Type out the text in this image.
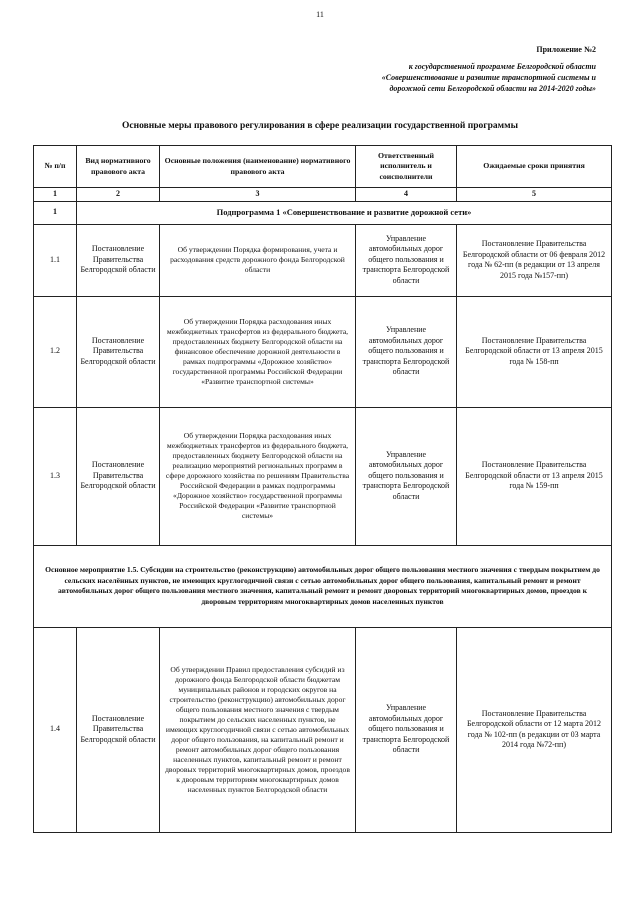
11
Приложение №2
к государственной программе Белгородской области
«Совершенствование и развитие транспортной системы и
дорожной сети Белгородской области на 2014-2020 годы»
Основные меры правового регулирования в сфере реализации государственной программы
№ п/п	Вид нормативного правового акта	Основные положения (наименование) нормативного правового акта	Ответственный исполнитель и соисполнители	Ожидаемые сроки принятия
1	2	3	4	5
1	Подпрограмма 1 «Совершенствование и развитие дорожной сети»			
1.1	Постановление Правительства Белгородской области	Об утверждении Порядка формирования, учета и расходования средств дорожного фонда Белгородской области	Управление автомобильных дорог общего пользования и транспорта Белгородской области	Постановление Правительства Белгородской области от 06 февраля 2012 года № 62-пп (в редакции от 13 апреля 2015 года №157-пп)
1.2	Постановление Правительства Белгородской области	Об утверждении Порядка расходования иных межбюджетных трансфертов из федерального бюджета, предоставленных бюджету Белгородской области на финансовое обеспечение дорожной деятельности в рамках подпрограммы «Дорожное хозяйство» государственной программы Российской Федерации «Развитие транспортной системы»	Управление автомобильных дорог общего пользования и транспорта Белгородской области	Постановление Правительства Белгородской области от 13 апреля 2015 года № 158-пп
1.3	Постановление Правительства Белгородской области	Об утверждении Порядка расходования иных межбюджетных трансфертов из федерального бюджета, предоставленных бюджету Белгородской области на реализацию мероприятий региональных программ в сфере дорожного хозяйства по решениям Правительства Российской Федерации в рамках подпрограммы «Дорожное хозяйство» государственной программы Российской Федерации «Развитие транспортной системы»	Управление автомобильных дорог общего пользования и транспорта Белгородской области	Постановление Правительства Белгородской области от 13 апреля 2015 года № 159-пп
Основное мероприятие 1.5. Субсидии на строительство (реконструкцию) автомобильных дорог общего пользования местного значения с твердым покрытием до сельских населённых пунктов, не имеющих круглогодичной связи с сетью автомобильных дорог общего пользования, капитальный ремонт и ремонт автомобильных дорог общего пользования местного значения, капитальный ремонт и ремонт дворовых территорий многоквартирных домов, проездов к дворовым территориям многоквартирных домов населенных пунктов				
1.4	Постановление Правительства Белгородской области	Об утверждении Правил предоставления субсидий из дорожного фонда Белгородской области бюджетам муниципальных районов и городских округов на строительство (реконструкцию) автомобильных дорог общего пользования местного значения с твердым покрытием до сельских населенных пунктов, не имеющих круглогодичной связи с сетью автомобильных дорог общего пользования, на капитальный ремонт и ремонт автомобильных дорог общего пользования населенных пунктов, капитальный ремонт и ремонт дворовых территорий многоквартирных домов, проездов к дворовым территориям многоквартирных домов населенных пунктов Белгородской области	Управление автомобильных дорог общего пользования и транспорта Белгородской области	Постановление Правительства Белгородской области от 12 марта 2012 года № 102-пп (в редакции от 03 марта 2014 года №72-пп)
